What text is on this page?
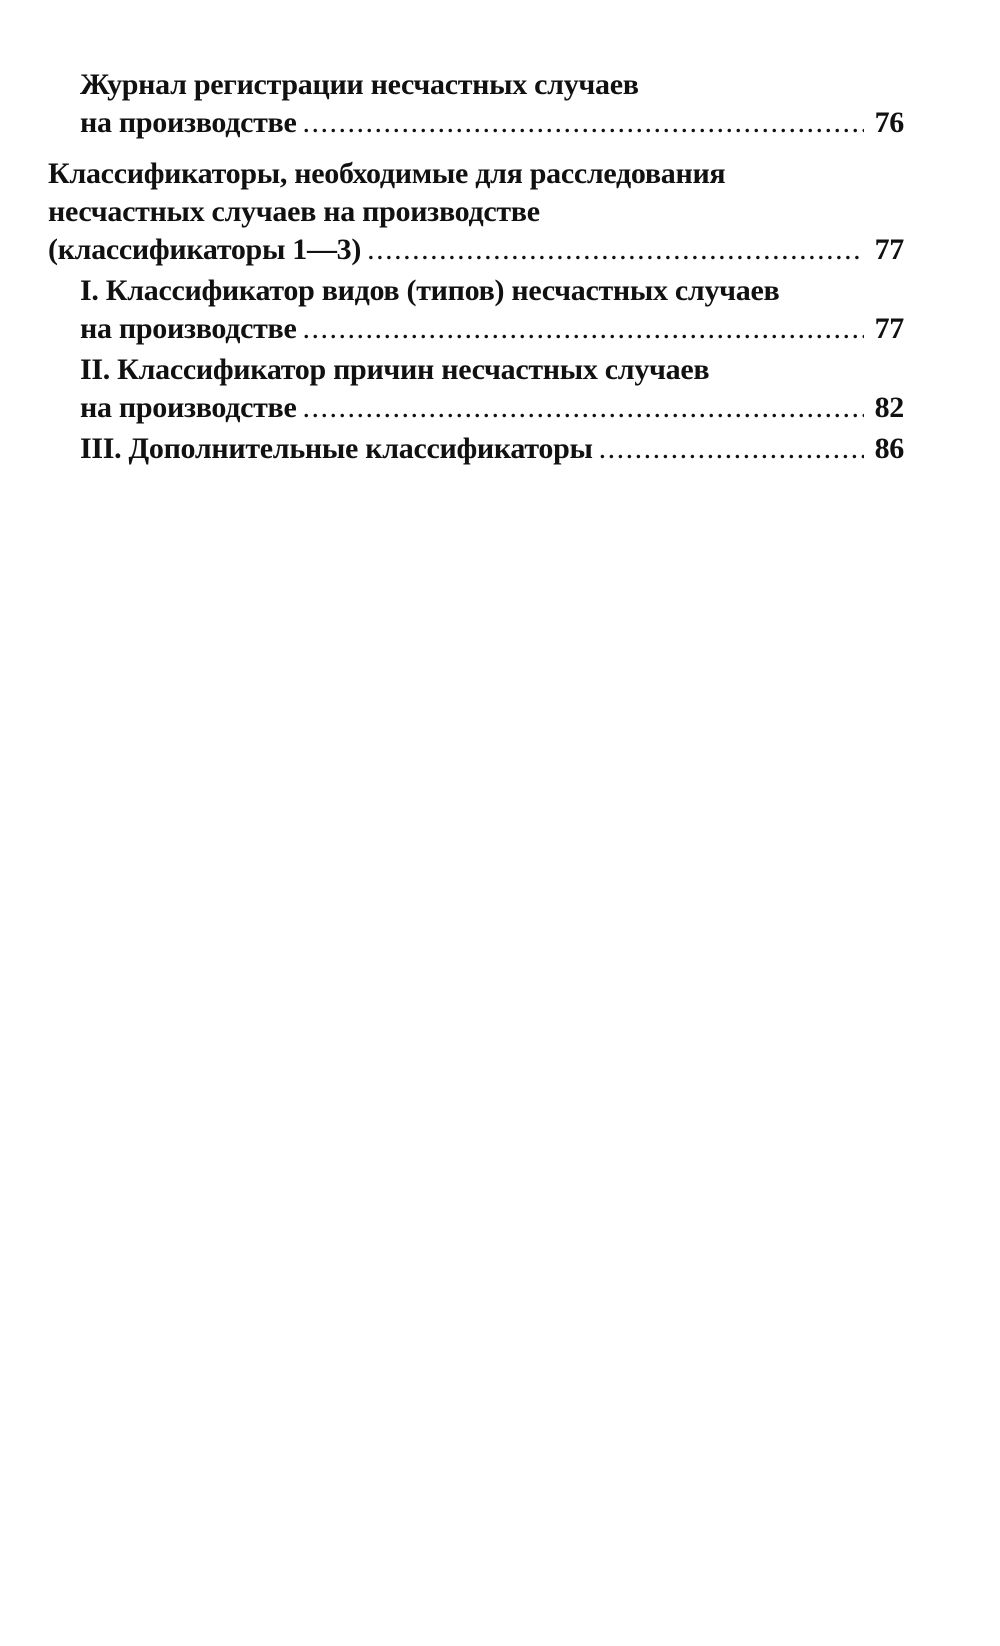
Журнал регистрации несчастных случаев
на производстве .....	76
Классификаторы, необходимые для расследования
несчастных случаев на производстве
(классификаторы 1—3) .....	77
I. Классификатор видов (типов) несчастных случаев
на производстве .....	77
II. Классификатор причин несчастных случаев
на производстве .....	82
III. Дополнительные классификаторы .....	86
